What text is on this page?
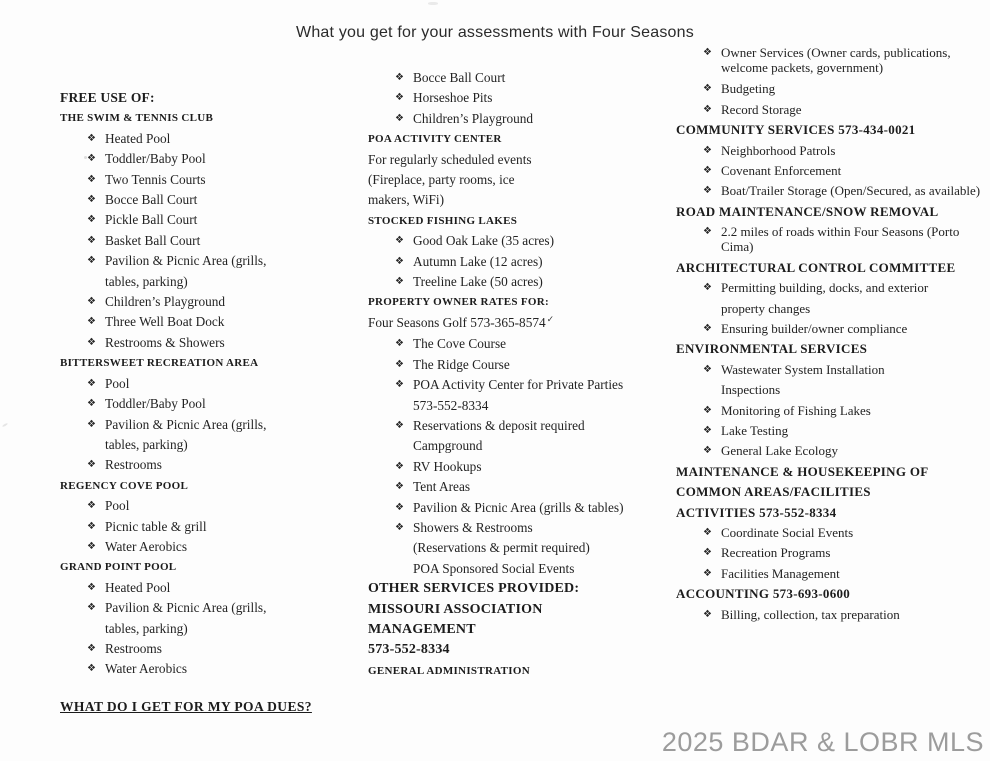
What you get for your assessments with Four Seasons
FREE USE OF:
THE SWIM & TENNIS CLUB
❖ Heated Pool
❖ Toddler/Baby Pool
❖ Two Tennis Courts
❖ Bocce Ball Court
❖ Pickle Ball Court
❖ Basket Ball Court
❖ Pavilion & Picnic Area (grills,
tables, parking)
❖ Children’s Playground
❖ Three Well Boat Dock
❖ Restrooms & Showers
BITTERSWEET RECREATION AREA
❖ Pool
❖ Toddler/Baby Pool
❖ Pavilion & Picnic Area (grills,
tables, parking)
❖ Restrooms
REGENCY COVE POOL
❖ Pool
❖ Picnic table & grill
❖ Water Aerobics
GRAND POINT POOL
❖ Heated Pool
❖ Pavilion & Picnic Area (grills,
tables, parking)
❖ Restrooms
❖ Water Aerobics
❖ Bocce Ball Court
❖ Horseshoe Pits
❖ Children’s Playground
POA ACTIVITY CENTER
For regularly scheduled events
(Fireplace, party rooms, ice
makers, WiFi)
STOCKED FISHING LAKES
❖ Good Oak Lake (35 acres)
❖ Autumn Lake (12 acres)
❖ Treeline Lake (50 acres)
PROPERTY OWNER RATES FOR:
Four Seasons Golf 573-365-8574✓
❖ The Cove Course
❖ The Ridge Course
❖ POA Activity Center for Private Parties
573-552-8334
❖ Reservations & deposit required
Campground
❖ RV Hookups
❖ Tent Areas
❖ Pavilion & Picnic Area (grills & tables)
❖ Showers & Restrooms
(Reservations & permit required)
POA Sponsored Social Events
OTHER SERVICES PROVIDED:
MISSOURI ASSOCIATION MANAGEMENT
573-552-8334
GENERAL ADMINISTRATION
❖ Owner Services (Owner cards, publications, welcome packets, government)
❖ Budgeting
❖ Record Storage
COMMUNITY SERVICES 573-434-0021
❖ Neighborhood Patrols
❖ Covenant Enforcement
❖ Boat/Trailer Storage (Open/Secured, as available)
ROAD MAINTENANCE/SNOW REMOVAL
❖ 2.2 miles of roads within Four Seasons (Porto Cima)
ARCHITECTURAL CONTROL COMMITTEE
❖ Permitting building, docks, and exterior
property changes
❖ Ensuring builder/owner compliance
ENVIRONMENTAL SERVICES
❖ Wastewater System Installation
Inspections
❖ Monitoring of Fishing Lakes
❖ Lake Testing
❖ General Lake Ecology
MAINTENANCE & HOUSEKEEPING OF
COMMON AREAS/FACILITIES
ACTIVITIES 573-552-8334
❖ Coordinate Social Events
❖ Recreation Programs
❖ Facilities Management
ACCOUNTING 573-693-0600
❖ Billing, collection, tax preparation
WHAT DO I GET FOR MY POA DUES?
2025 BDAR & LOBR MLS
